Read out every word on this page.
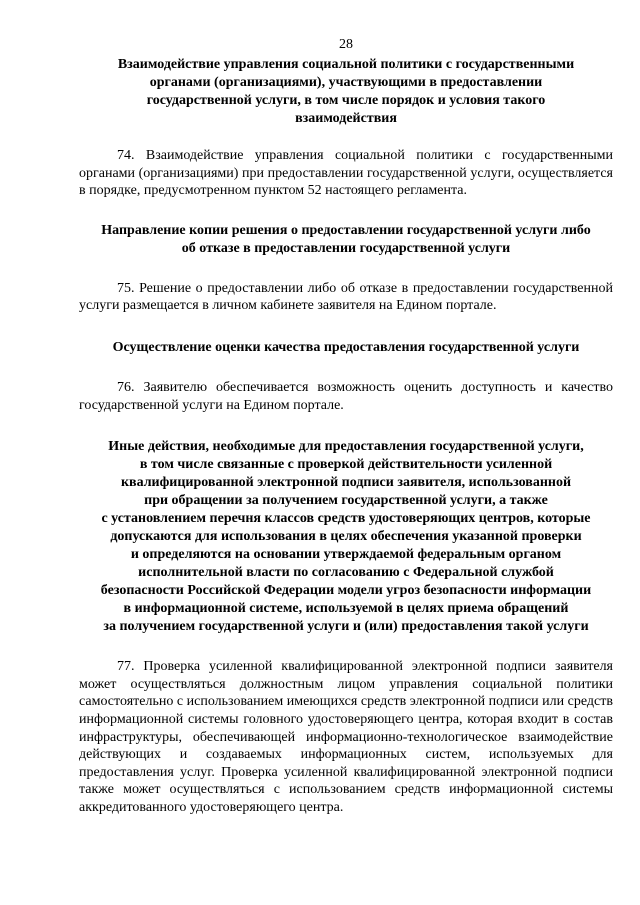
28
Взаимодействие управления социальной политики с государственными
органами (организациями), участвующими в предоставлении
государственной услуги, в том числе порядок и условия такого
взаимодействия

74. Взаимодействие управления социальной политики с государственными органами (организациями) при предоставлении государственной услуги, осуществляется в порядке, предусмотренном пунктом 52 настоящего регламента.

Направление копии решения о предоставлении государственной услуги либо
об отказе в предоставлении государственной услуги

75. Решение о предоставлении либо об отказе в предоставлении государственной услуги размещается в личном кабинете заявителя на Едином портале.

Осуществление оценки качества предоставления государственной услуги

76. Заявителю обеспечивается возможность оценить доступность и качество государственной услуги на Едином портале.

Иные действия, необходимые для предоставления государственной услуги,
в том числе связанные с проверкой действительности усиленной
квалифицированной электронной подписи заявителя, использованной
при обращении за получением государственной услуги, а также
с установлением перечня классов средств удостоверяющих центров, которые
допускаются для использования в целях обеспечения указанной проверки
и определяются на основании утверждаемой федеральным органом
исполнительной власти по согласованию с Федеральной службой
безопасности Российской Федерации модели угроз безопасности информации
в информационной системе, используемой в целях приема обращений
за получением государственной услуги и (или) предоставления такой услуги

77. Проверка усиленной квалифицированной электронной подписи заявителя может осуществляться должностным лицом управления социальной политики самостоятельно с использованием имеющихся средств электронной подписи или средств информационной системы головного удостоверяющего центра, которая входит в состав инфраструктуры, обеспечивающей информационно-технологическое взаимодействие действующих и создаваемых информационных систем, используемых для предоставления услуг. Проверка усиленной квалифицированной электронной подписи также может осуществляться с использованием средств информационной системы аккредитованного удостоверяющего центра.
